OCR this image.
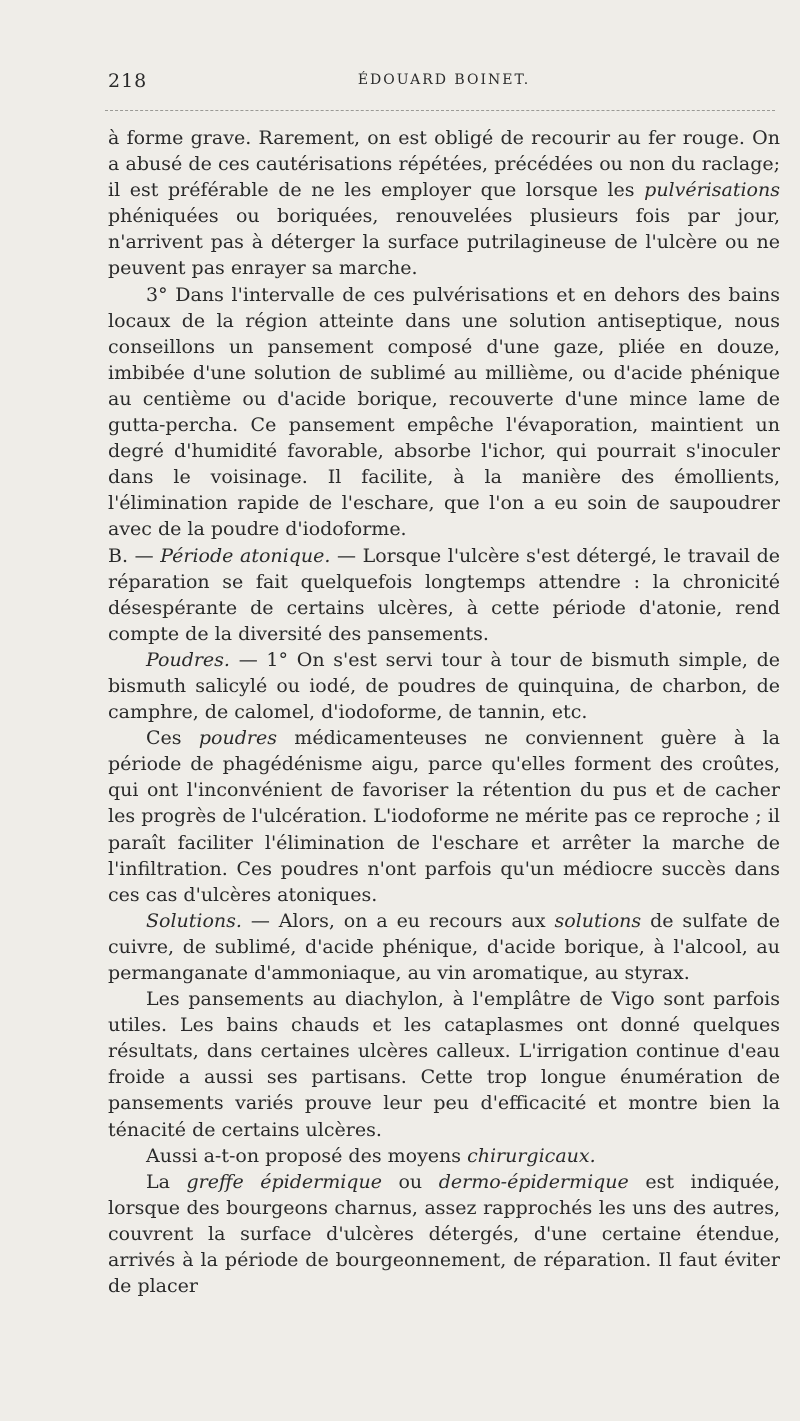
218	ÉDOUARD BOINET.

à forme grave. Rarement, on est obligé de recourir au fer rouge. On a abusé de ces cautérisations répétées, précédées ou non du raclage; il est préférable de ne les employer que lorsque les pulvérisations phéniquées ou boriquées, renouvelées plusieurs fois par jour, n'arrivent pas à déterger la surface putrilagineuse de l'ulcère ou ne peuvent pas enrayer sa marche.

3° Dans l'intervalle de ces pulvérisations et en dehors des bains locaux de la région atteinte dans une solution antiseptique, nous conseillons un pansement composé d'une gaze, pliée en douze, imbibée d'une solution de sublimé au millième, ou d'acide phénique au centième ou d'acide borique, recouverte d'une mince lame de gutta-percha. Ce pansement empêche l'évaporation, maintient un degré d'humidité favorable, absorbe l'ichor, qui pourrait s'inoculer dans le voisinage. Il facilite, à la manière des émollients, l'élimination rapide de l'eschare, que l'on a eu soin de saupoudrer avec de la poudre d'iodoforme.

B. — Période atonique. — Lorsque l'ulcère s'est détergé, le travail de réparation se fait quelquefois longtemps attendre : la chronicité désespérante de certains ulcères, à cette période d'atonie, rend compte de la diversité des pansements.

Poudres. — 1° On s'est servi tour à tour de bismuth simple, de bismuth salicylé ou iodé, de poudres de quinquina, de charbon, de camphre, de calomel, d'iodoforme, de tannin, etc.

Ces poudres médicamenteuses ne conviennent guère à la période de phagédénisme aigu, parce qu'elles forment des croûtes, qui ont l'inconvénient de favoriser la rétention du pus et de cacher les progrès de l'ulcération. L'iodoforme ne mérite pas ce reproche ; il paraît faciliter l'élimination de l'eschare et arrêter la marche de l'infiltration. Ces poudres n'ont parfois qu'un médiocre succès dans ces cas d'ulcères atoniques.

Solutions. — Alors, on a eu recours aux solutions de sulfate de cuivre, de sublimé, d'acide phénique, d'acide borique, à l'alcool, au permanganate d'ammoniaque, au vin aromatique, au styrax.

Les pansements au diachylon, à l'emplâtre de Vigo sont parfois utiles. Les bains chauds et les cataplasmes ont donné quelques résultats, dans certaines ulcères calleux. L'irrigation continue d'eau froide a aussi ses partisans. Cette trop longue énumération de pansements variés prouve leur peu d'efficacité et montre bien la ténacité de certains ulcères.

Aussi a-t-on proposé des moyens chirurgicaux.

La greffe épidermique ou dermo-épidermique est indiquée, lorsque des bourgeons charnus, assez rapprochés les uns des autres, couvrent la surface d'ulcères détergés, d'une certaine étendue, arrivés à la période de bourgeonnement, de réparation. Il faut éviter de placer
